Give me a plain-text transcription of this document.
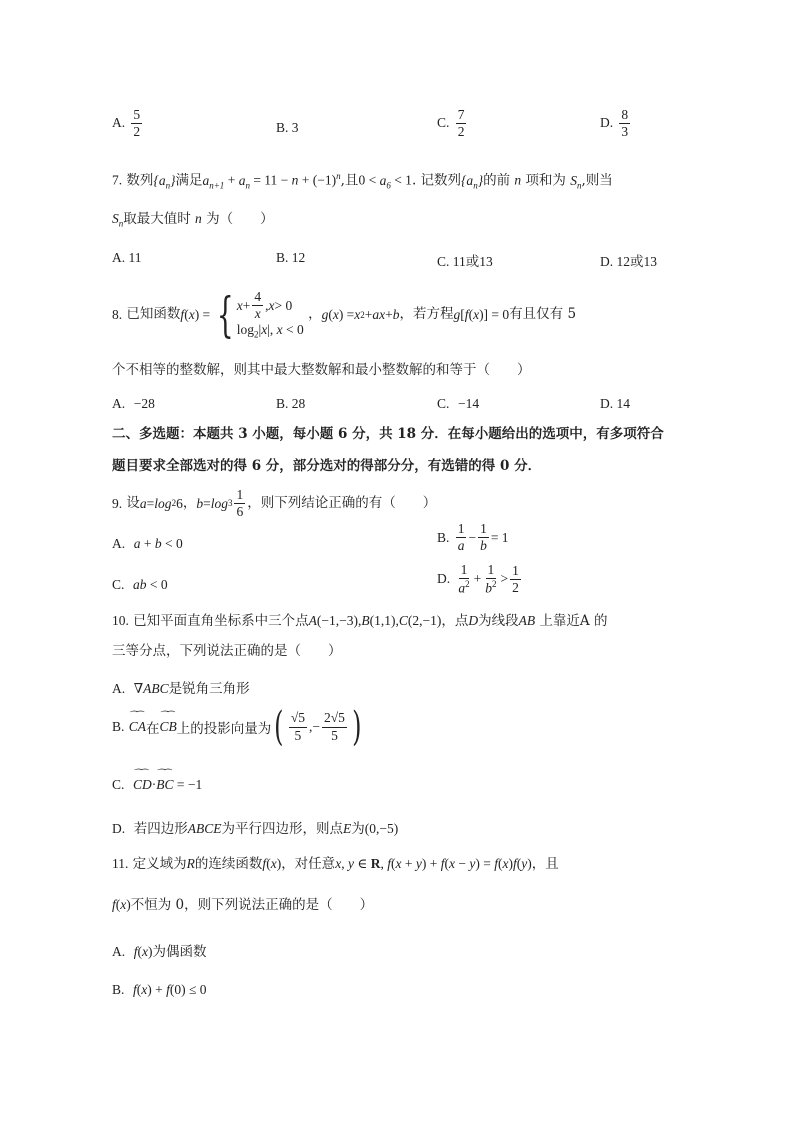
A. $\frac{5}{2}$	B. 3	C. $\frac{7}{2}$	D. $\frac{8}{3}$
7. 数列$\{a_n\}$满足$a_{n+1} + a_n = 11 - n + (-1)^n$,且$0 < a_6 < 1$. 记数列$\{a_n\}$的前 n 项和为 $S_n$,则当
$S_n$取最大值时 n 为（　　）
A. 11	B. 12	C. 11或13	D. 12或13
8.
已知函数 f ( x ) = { $x + \frac{4}{x}$ , x > 0
$\log_2|x|$, x < 0

， g ( x ) = x 2 + ax + b ，若方程 g [ f ( x )] = 0 有且仅有 5
个不相等的整数解，则其中最大整数解和最小整数解的和等于（　　）
A. −28	B. 28	C. −14	D. 14
二、多选题：本题共 3 小题，每小题 6 分，共 18 分．在每小题给出的选项中，有多项符合
题目要求全部选对的得 6 分，部分选对的得部分分，有选错的得 0 分．
9.
设 a = log 2 6 ， $b = \log 3 \frac{1}{6}$ ，则下列结论正确的有（　　）
A. a + b < 0	B.
$\frac{1}{a} - \frac{1}{b} = 1$
C. ab < 0	D.
$\frac{1}{a^2} + \frac{1}{b^2} > \frac{1}{2}$
10. 已知平面直角坐标系中三个点A(−1,−3),B(1,1),C(2,−1)，点D为线段AB 上靠近A 的
三等分点，下列说法正确的是（　　）
A. ∇ABC是锐角三角形
B.
⁀⁀ CA 在 ⁀⁀ CB 上的投影向量为 ( $\frac{√5}{5}$ ,− $\frac{2√5}{5}$ )
C. ⁀⁀ CD·⁀⁀ BC = −1
D. 若四边形ABCE为平行四边形，则点E为(0,−5)
11. 定义域为R的连续函数f(x)，对任意x, y ∈ R, f(x + y) + f(x − y) = f(x)f(y)，且
f(x)不恒为 0，则下列说法正确的是（　　）
A. f(x)为偶函数
B. f(x) + f(0) ≤ 0
